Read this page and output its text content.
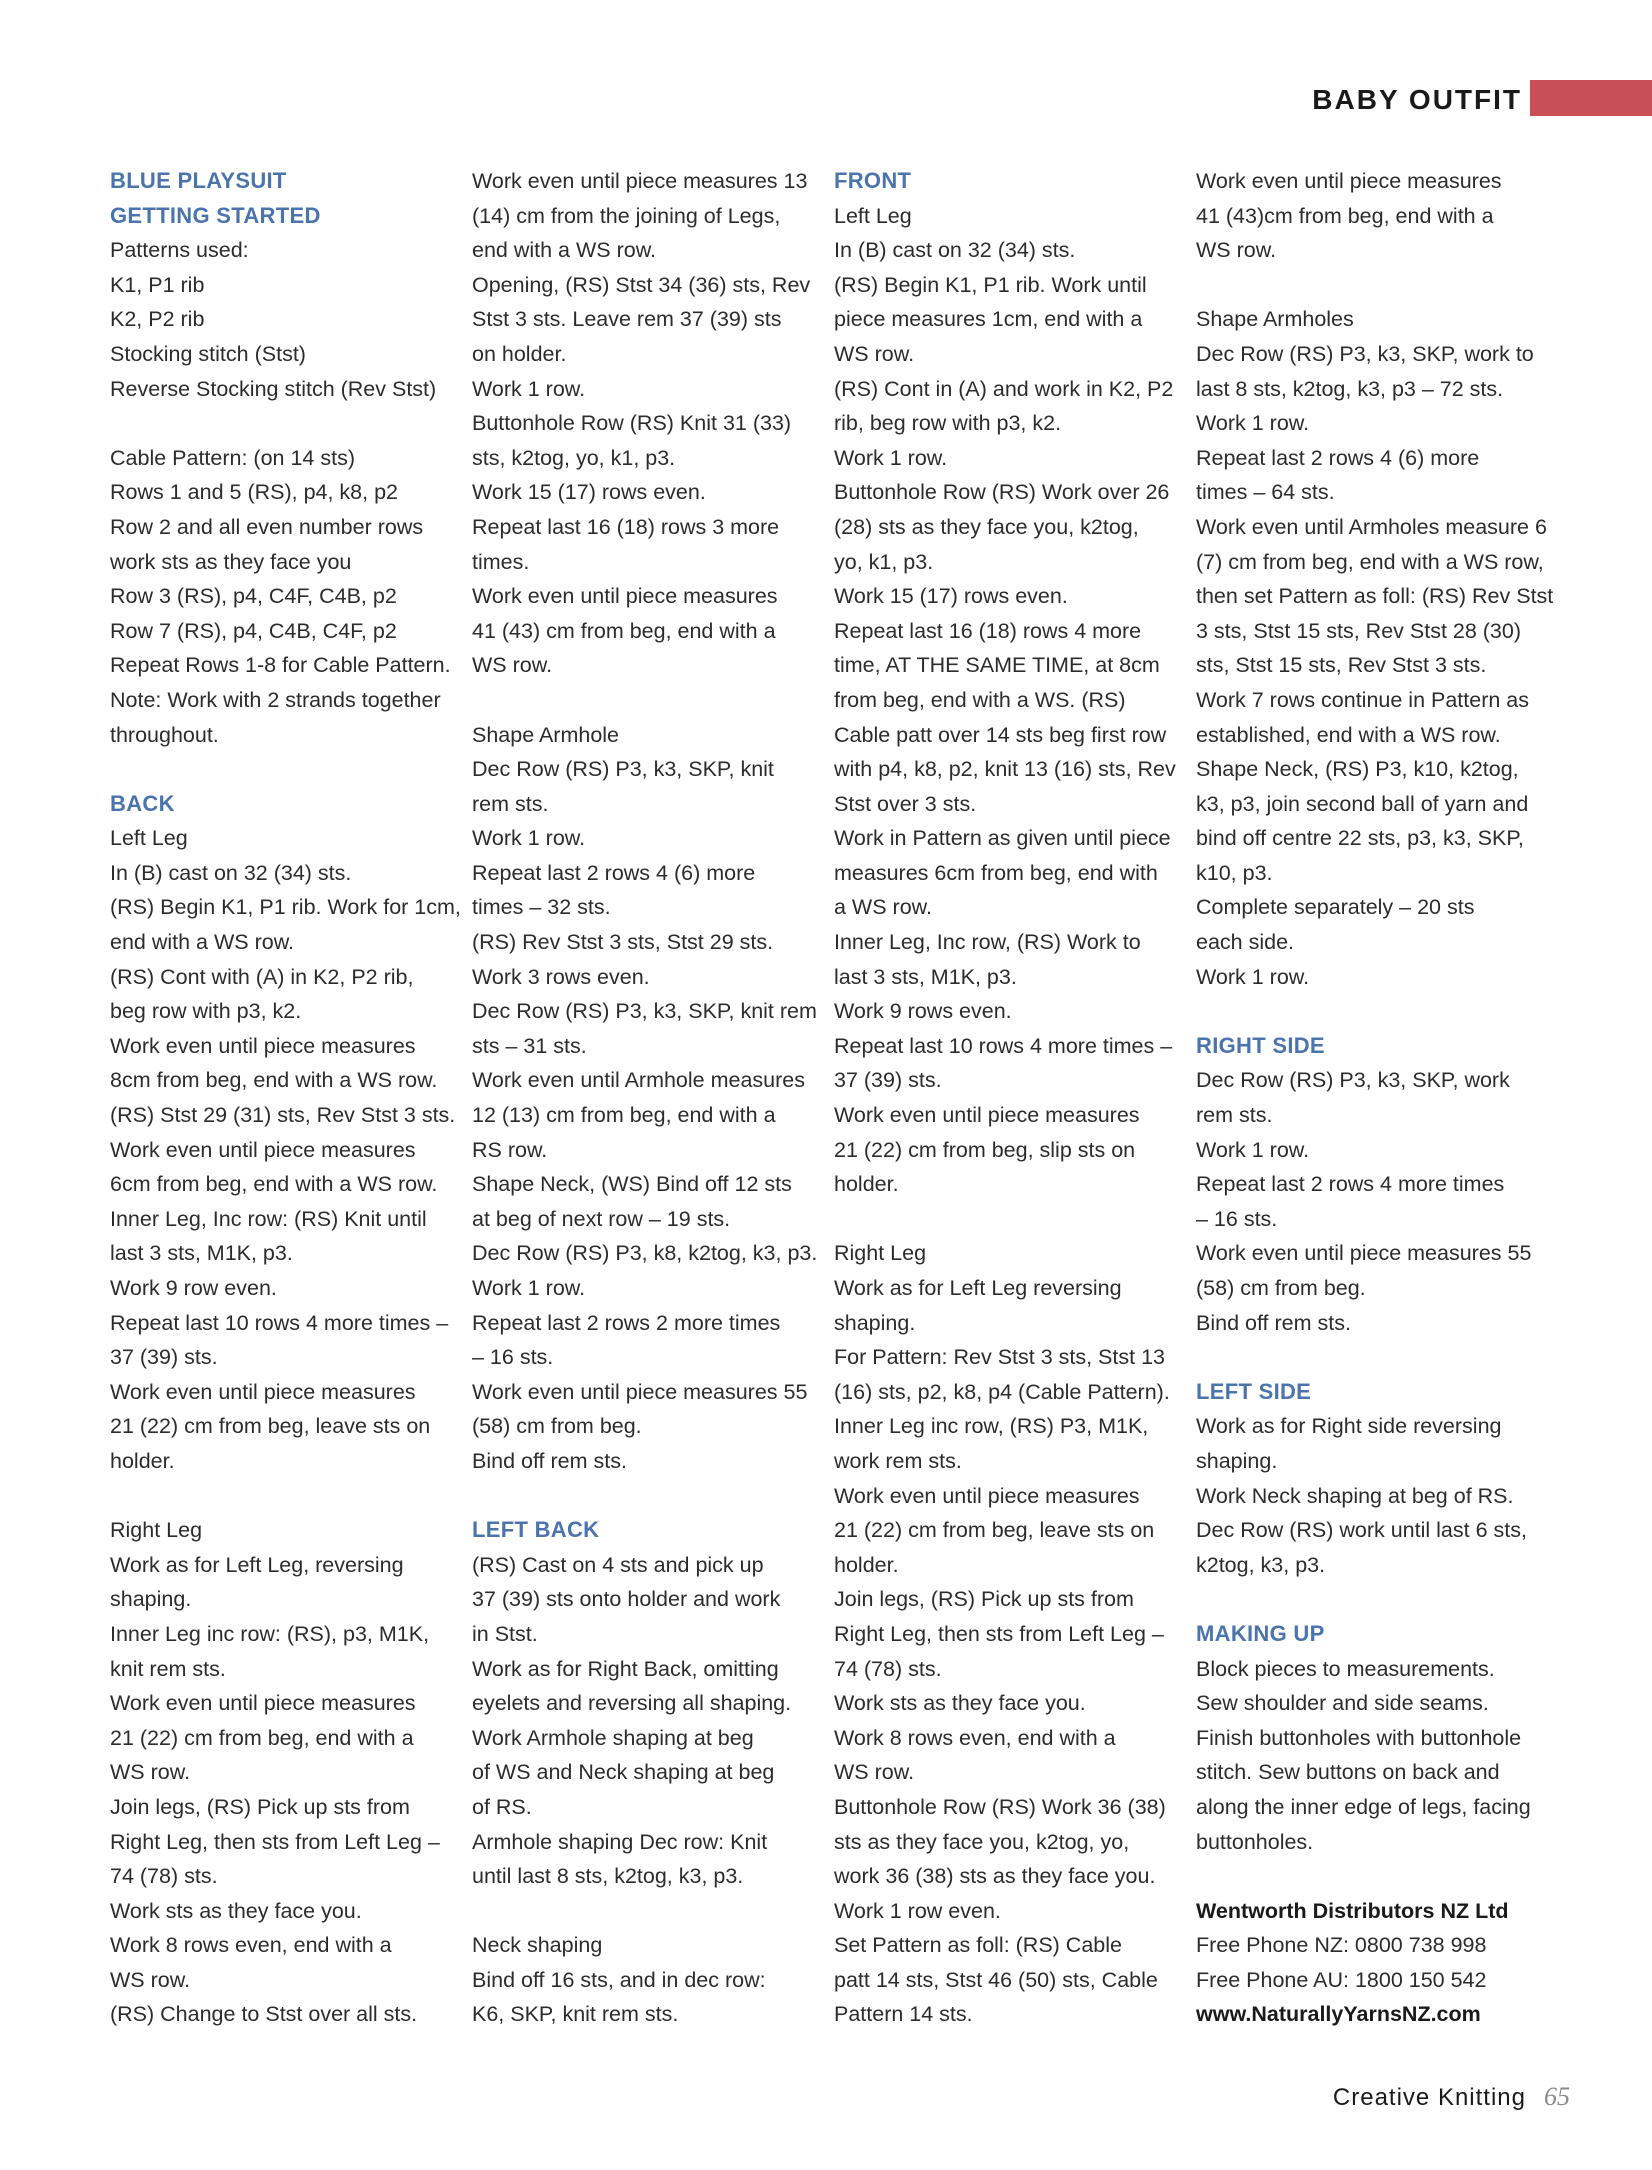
BABY OUTFIT
BLUE PLAYSUIT
GETTING STARTED
Patterns used:
K1, P1 rib
K2, P2 rib
Stocking stitch (Stst)
Reverse Stocking stitch (Rev Stst)
Cable Pattern: (on 14 sts)
Rows 1 and 5 (RS), p4, k8, p2
Row 2 and all even number rows
work sts as they face you
Row 3 (RS), p4, C4F, C4B, p2
Row 7 (RS), p4, C4B, C4F, p2
Repeat Rows 1-8 for Cable Pattern.
Note: Work with 2 strands together
throughout.
BACK
Left Leg
In (B) cast on 32 (34) sts.
(RS) Begin K1, P1 rib. Work for 1cm,
end with a WS row.
(RS) Cont with (A) in K2, P2 rib,
beg row with p3, k2.
Work even until piece measures
8cm from beg, end with a WS row.
(RS) Stst 29 (31) sts, Rev Stst 3 sts.
Work even until piece measures
6cm from beg, end with a WS row.
Inner Leg, Inc row: (RS) Knit until
last 3 sts, M1K, p3.
Work 9 row even.
Repeat last 10 rows 4 more times –
37 (39) sts.
Work even until piece measures
21 (22) cm from beg, leave sts on
holder.
Right Leg
Work as for Left Leg, reversing
shaping.
Inner Leg inc row: (RS), p3, M1K,
knit rem sts.
Work even until piece measures
21 (22) cm from beg, end with a
WS row.
Join legs, (RS) Pick up sts from
Right Leg, then sts from Left Leg –
74 (78) sts.
Work sts as they face you.
Work 8 rows even, end with a
WS row.
(RS) Change to Stst over all sts.
Work even until piece measures 13
(14) cm from the joining of Legs,
end with a WS row.
Opening, (RS) Stst 34 (36) sts, Rev
Stst 3 sts. Leave rem 37 (39) sts
on holder.
Work 1 row.
Buttonhole Row (RS) Knit 31 (33)
sts, k2tog, yo, k1, p3.
Work 15 (17) rows even.
Repeat last 16 (18) rows 3 more
times.
Work even until piece measures
41 (43) cm from beg, end with a
WS row.
Shape Armhole
Dec Row (RS) P3, k3, SKP, knit
rem sts.
Work 1 row.
Repeat last 2 rows 4 (6) more
times – 32 sts.
(RS) Rev Stst 3 sts, Stst 29 sts.
Work 3 rows even.
Dec Row (RS) P3, k3, SKP, knit rem
sts – 31 sts.
Work even until Armhole measures
12 (13) cm from beg, end with a
RS row.
Shape Neck, (WS) Bind off 12 sts
at beg of next row – 19 sts.
Dec Row (RS) P3, k8, k2tog, k3, p3.
Work 1 row.
Repeat last 2 rows 2 more times
– 16 sts.
Work even until piece measures 55
(58) cm from beg.
Bind off rem sts.
LEFT BACK
(RS) Cast on 4 sts and pick up
37 (39) sts onto holder and work
in Stst.
Work as for Right Back, omitting
eyelets and reversing all shaping.
Work Armhole shaping at beg
of WS and Neck shaping at beg
of RS.
Armhole shaping Dec row: Knit
until last 8 sts, k2tog, k3, p3.
Neck shaping
Bind off 16 sts, and in dec row:
K6, SKP, knit rem sts.
FRONT
Left Leg
In (B) cast on 32 (34) sts.
(RS) Begin K1, P1 rib. Work until
piece measures 1cm, end with a
WS row.
(RS) Cont in (A) and work in K2, P2
rib, beg row with p3, k2.
Work 1 row.
Buttonhole Row (RS) Work over 26
(28) sts as they face you, k2tog,
yo, k1, p3.
Work 15 (17) rows even.
Repeat last 16 (18) rows 4 more
time, AT THE SAME TIME, at 8cm
from beg, end with a WS. (RS)
Cable patt over 14 sts beg first row
with p4, k8, p2, knit 13 (16) sts, Rev
Stst over 3 sts.
Work in Pattern as given until piece
measures 6cm from beg, end with
a WS row.
Inner Leg, Inc row, (RS) Work to
last 3 sts, M1K, p3.
Work 9 rows even.
Repeat last 10 rows 4 more times –
37 (39) sts.
Work even until piece measures
21 (22) cm from beg, slip sts on
holder.
Right Leg
Work as for Left Leg reversing
shaping.
For Pattern: Rev Stst 3 sts, Stst 13
(16) sts, p2, k8, p4 (Cable Pattern).
Inner Leg inc row, (RS) P3, M1K,
work rem sts.
Work even until piece measures
21 (22) cm from beg, leave sts on
holder.
Join legs, (RS) Pick up sts from
Right Leg, then sts from Left Leg –
74 (78) sts.
Work sts as they face you.
Work 8 rows even, end with a
WS row.
Buttonhole Row (RS) Work 36 (38)
sts as they face you, k2tog, yo,
work 36 (38) sts as they face you.
Work 1 row even.
Set Pattern as foll: (RS) Cable
patt 14 sts, Stst 46 (50) sts, Cable
Pattern 14 sts.
Work even until piece measures
41 (43)cm from beg, end with a
WS row.
Shape Armholes
Dec Row (RS) P3, k3, SKP, work to
last 8 sts, k2tog, k3, p3 – 72 sts.
Work 1 row.
Repeat last 2 rows 4 (6) more
times – 64 sts.
Work even until Armholes measure 6
(7) cm from beg, end with a WS row,
then set Pattern as foll: (RS) Rev Stst
3 sts, Stst 15 sts, Rev Stst 28 (30)
sts, Stst 15 sts, Rev Stst 3 sts.
Work 7 rows continue in Pattern as
established, end with a WS row.
Shape Neck, (RS) P3, k10, k2tog,
k3, p3, join second ball of yarn and
bind off centre 22 sts, p3, k3, SKP,
k10, p3.
Complete separately – 20 sts
each side.
Work 1 row.
RIGHT SIDE
Dec Row (RS) P3, k3, SKP, work
rem sts.
Work 1 row.
Repeat last 2 rows 4 more times
– 16 sts.
Work even until piece measures 55
(58) cm from beg.
Bind off rem sts.
LEFT SIDE
Work as for Right side reversing
shaping.
Work Neck shaping at beg of RS.
Dec Row (RS) work until last 6 sts,
k2tog, k3, p3.
MAKING UP
Block pieces to measurements.
Sew shoulder and side seams.
Finish buttonholes with buttonhole
stitch. Sew buttons on back and
along the inner edge of legs, facing
buttonholes.
Wentworth Distributors NZ Ltd
Free Phone NZ: 0800 738 998
Free Phone AU: 1800 150 542
www.NaturallyYarnsNZ.com
Creative Knitting 65
